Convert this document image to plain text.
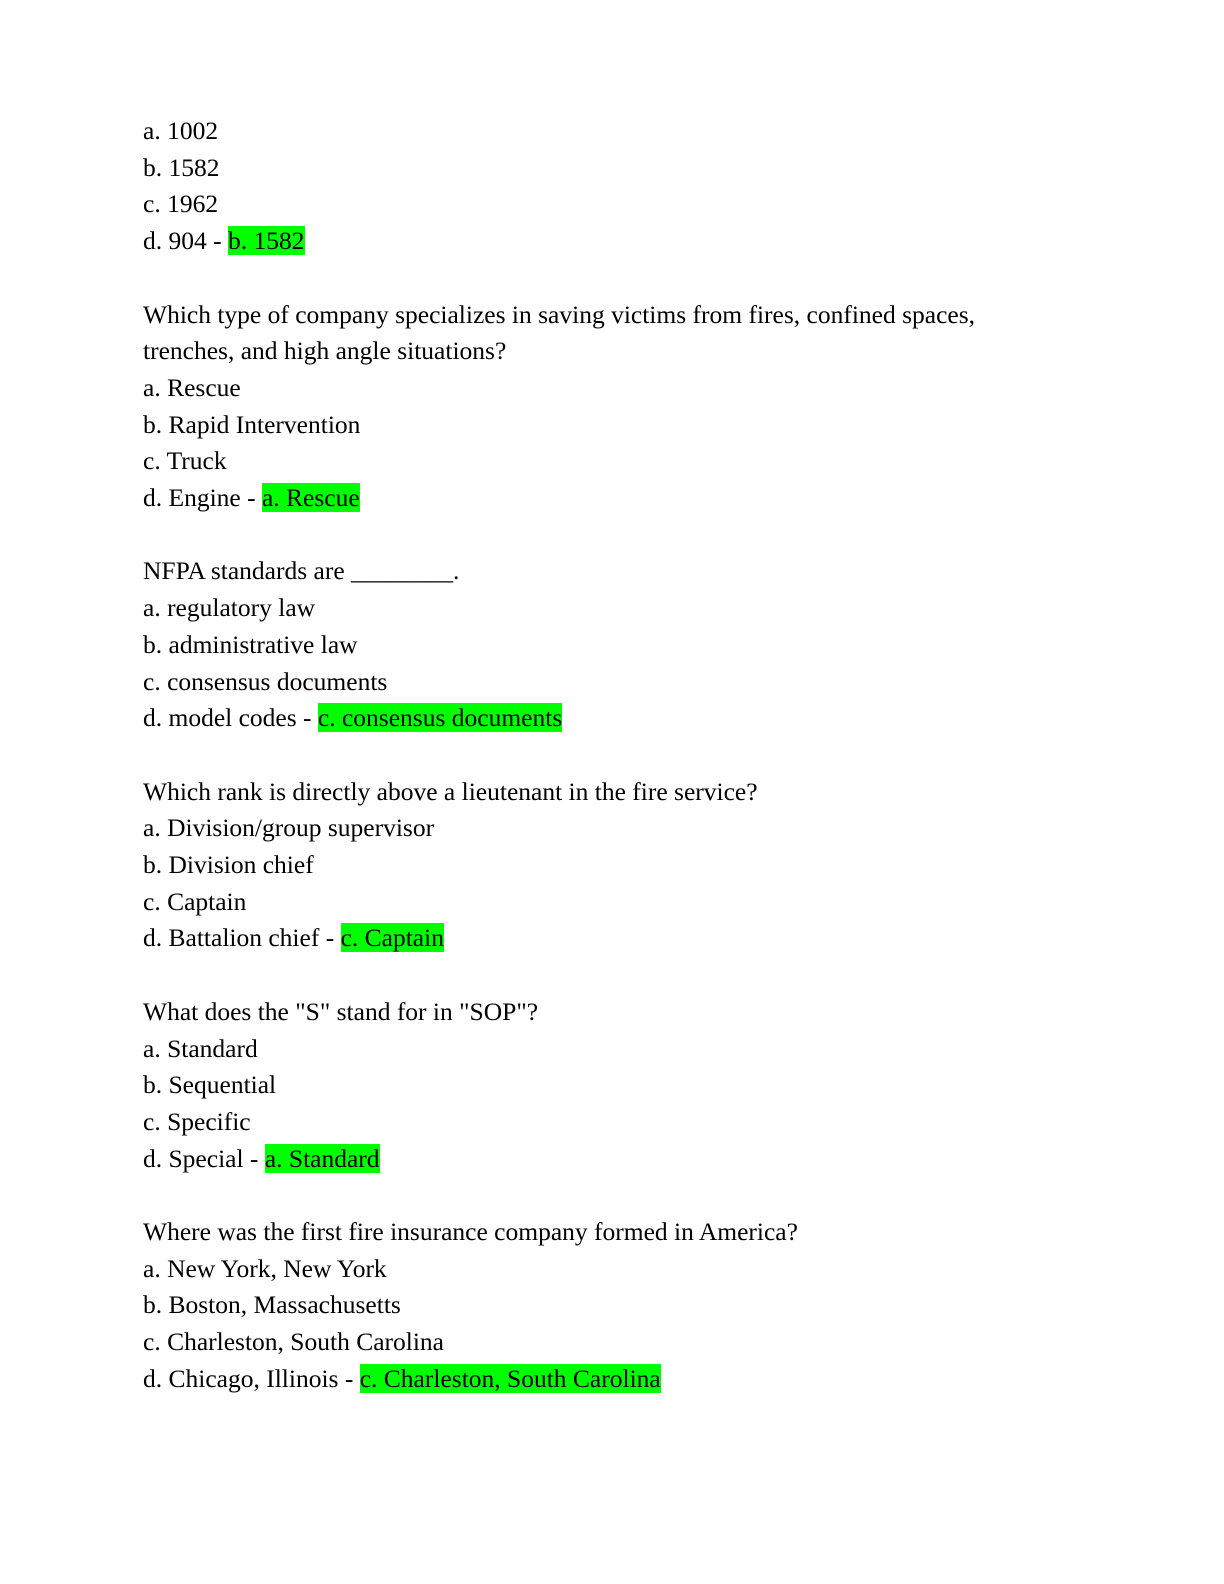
a. 1002
b. 1582
c. 1962
d. 904 - b. 1582
Which type of company specializes in saving victims from fires, confined spaces,
trenches, and high angle situations?
a. Rescue
b. Rapid Intervention
c. Truck
d. Engine - a. Rescue
NFPA standards are ________.
a. regulatory law
b. administrative law
c. consensus documents
d. model codes - c. consensus documents
Which rank is directly above a lieutenant in the fire service?
a. Division/group supervisor
b. Division chief
c. Captain
d. Battalion chief - c. Captain
What does the "S" stand for in "SOP"?
a. Standard
b. Sequential
c. Specific
d. Special - a. Standard
Where was the first fire insurance company formed in America?
a. New York, New York
b. Boston, Massachusetts
c. Charleston, South Carolina
d. Chicago, Illinois - c. Charleston, South Carolina
